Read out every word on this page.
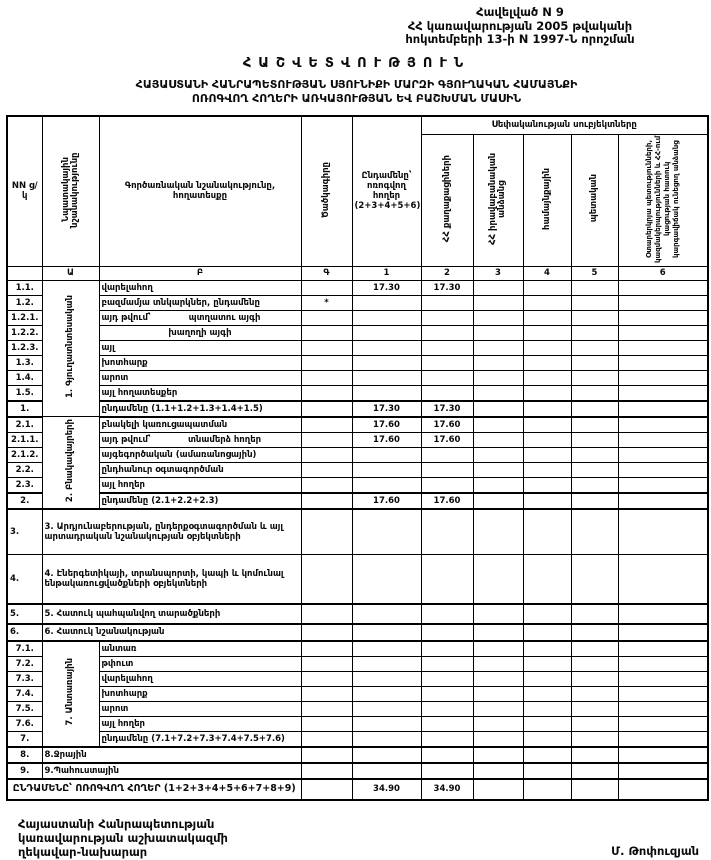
Հավելված N 9
ՀՀ կառավարության 2005 թվականի
հոկտեմբերի 13-ի N 1997-Ն որոշման
ՀԱՇՎԵՏՎՈՒԹՅՈՒՆ
ՀԱՅԱՍՏԱՆԻ ՀԱՆՐԱՊԵՏՈՒԹՅԱՆ ՍՅՈՒՆԻՔԻ ՄԱՐԶԻ ԳՅՈՒՂԱԿԱՆ ՀԱՄԱՅՆՔԻ
ՈՌՈԳՎՈՂ ՀՈՂԵՐԻ ԱՌԿԱՅՈՒԹՅԱՆ ԵՎ ԲԱՇԽՄԱՆ ՄԱՍԻՆ
NN ց/կ	Նպատակային նշանակությունը	Գործառնական նշանակությունը, հողատեսքը	Ծածկագիրը	Ընդամենը՝ ոռոգվող հողեր (2+3+4+5+6)	Սեփականության սուբյեկտները				
					ՀՀ քաղաքացիների	ՀՀ իրավաբանական անձանց	համայնքային	պետական	Օտարերկրյա պետությունների, կազմակերպությունների և ՀՀ-ում կացության հատուկ կարգավիճակ ունեցող անձանց
	Ա	Բ	Գ	1	2	3	4	5	6
1.1.	1. Գյուղատնտեսական	վարելահող		17.30	17.30				
1.2.		բազմամյա տնկարկներ, ընդամենը	*						
1.2.1.		այդ թվում՝ պտղատու այգի							

1.2.2.		խաղողի այգի							
1.2.3.		այլ							
1.3.		խոտհարք							
1.4.		արոտ							
1.5.		այլ հողատեսքեր							
1.		ընդամենը (1.1+1.2+1.3+1.4+1.5)		17.30	17.30				
2.1.	2. Բնակավայրերի	բնակելի կառուցապատման		17.60	17.60				
2.1.1.		այդ թվում՝ տնամերձ հողեր		17.60	17.60				
2.1.2.		այգեգործական (ամառանոցային)							
2.2.		ընդհանուր օգտագործման							
2.3.		այլ հողեր							
2.		ընդամենը (2.1+2.2+2.3)		17.60	17.60				
3.	3. Արդյունաբերության, ընդերքօգտագործման և այլ արտադրական նշանակության օբյեկտների								
4.	4. Էներգետիկայի, տրանսպորտի, կապի և կոմունալ ենթակառուցվածքների օբյեկտների								
5.	5. Հատուկ պահպանվող տարածքների								
6.	6. Հատուկ նշանակության								
7.1.	7. Անտառային	անտառ							
7.2.		թփուտ							
7.3.		վարելահող							
7.4.		խոտհարք							
7.5.		արոտ							
7.6.		այլ հողեր							
7.		ընդամենը (7.1+7.2+7.3+7.4+7.5+7.6)							
8.	8.Ջրային								
9.	9.Պահուստային								
ԸՆԴԱՄԵՆԸ՝ ՈՌՈԳՎՈՂ ՀՈՂԵՐ (1+2+3+4+5+6+7+8+9)				34.90	34.90				
Հայաստանի Հանրապետության
կառավարության աշխատակազմի
ղեկավար-նախարար	Մ. Թոփուզյան
